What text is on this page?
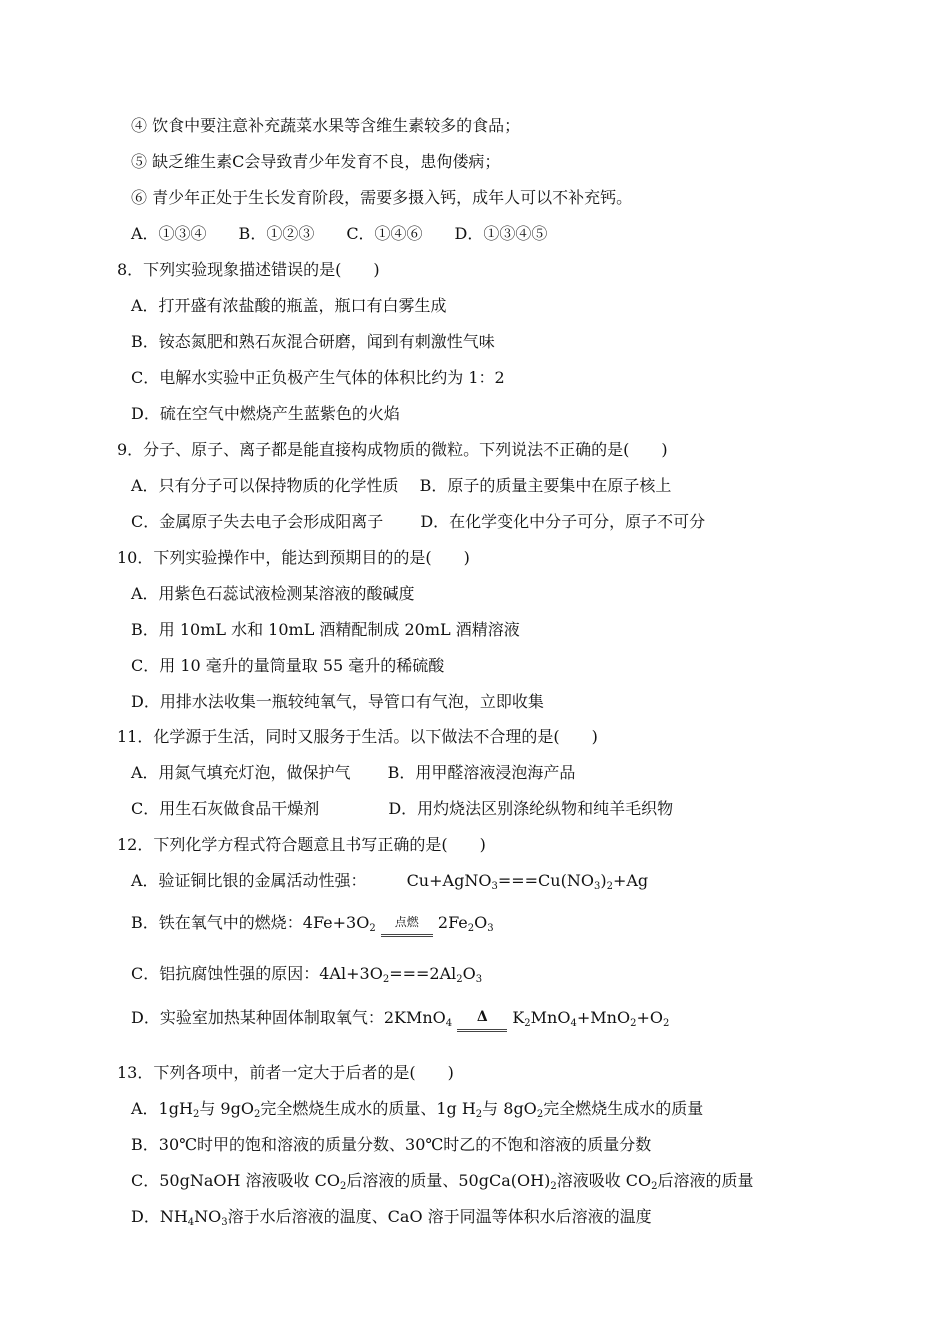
④ 饮食中要注意补充蔬菜水果等含维生素较多的食品；
⑤ 缺乏维生素C会导致青少年发育不良，患佝偻病；
⑥ 青少年正处于生长发育阶段，需要多摄入钙，成年人可以不补充钙。
A．①③④　　B．①②③　　C．①④⑥　　D．①③④⑤
8．下列实验现象描述错误的是(　　)
A．打开盛有浓盐酸的瓶盖，瓶口有白雾生成
B．铵态氮肥和熟石灰混合研磨，闻到有刺激性气味
C．电解水实验中正负极产生气体的体积比约为 1：2
D．硫在空气中燃烧产生蓝紫色的火焰
9．分子、原子、离子都是能直接构成物质的微粒。下列说法不正确的是(　　)
A．只有分子可以保持物质的化学性质　 B．原子的质量主要集中在原子核上
C．金属原子失去电子会形成阳离子　　 D．在化学变化中分子可分，原子不可分
10．下列实验操作中，能达到预期目的的是(　　)
A．用紫色石蕊试液检测某溶液的酸碱度
B．用 10mL 水和 10mL 酒精配制成 20mL 酒精溶液
C．用 10 毫升的量筒量取 55 毫升的稀硫酸
D．用排水法收集一瓶较纯氧气，导管口有气泡，立即收集
11．化学源于生活，同时又服务于生活。以下做法不合理的是(　　)
A．用氮气填充灯泡，做保护气　　 B．用甲醛溶液浸泡海产品
C．用生石灰做食品干燥剂　　　　 D．用灼烧法区别涤纶纵物和纯羊毛织物
12．下列化学方程式符合题意且书写正确的是(　　)
A．验证铜比银的金属活动性强：	$Cu+AgNO_3===Cu(NO_3)_2+Ag$
B．铁在氧气中的燃烧：$4Fe+3O_2$ 点燃 $2Fe_2O_3$
C．铝抗腐蚀性强的原因：$4Al+3O_2===2Al_2O_3$
D．实验室加热某种固体制取氧气：2KMnO$_4$ Δ $K_2MnO_4+MnO_2+O_2$
13．下列各项中，前者一定大于后者的是(　　)
A．$1gH_2$与 $9gO_2$完全燃烧生成水的质量、1g $H_2$与 $8gO_2$完全燃烧生成水的质量
B．30℃时甲的饱和溶液的质量分数、30℃时乙的不饱和溶液的质量分数
C．50gNaOH 溶液吸收 $CO_2$后溶液的质量、$50gCa(OH)_2$溶液吸收 $CO_2$后溶液的质量
D．$NH_4NO_3$溶于水后溶液的温度、CaO 溶于同温等体积水后溶液的温度
